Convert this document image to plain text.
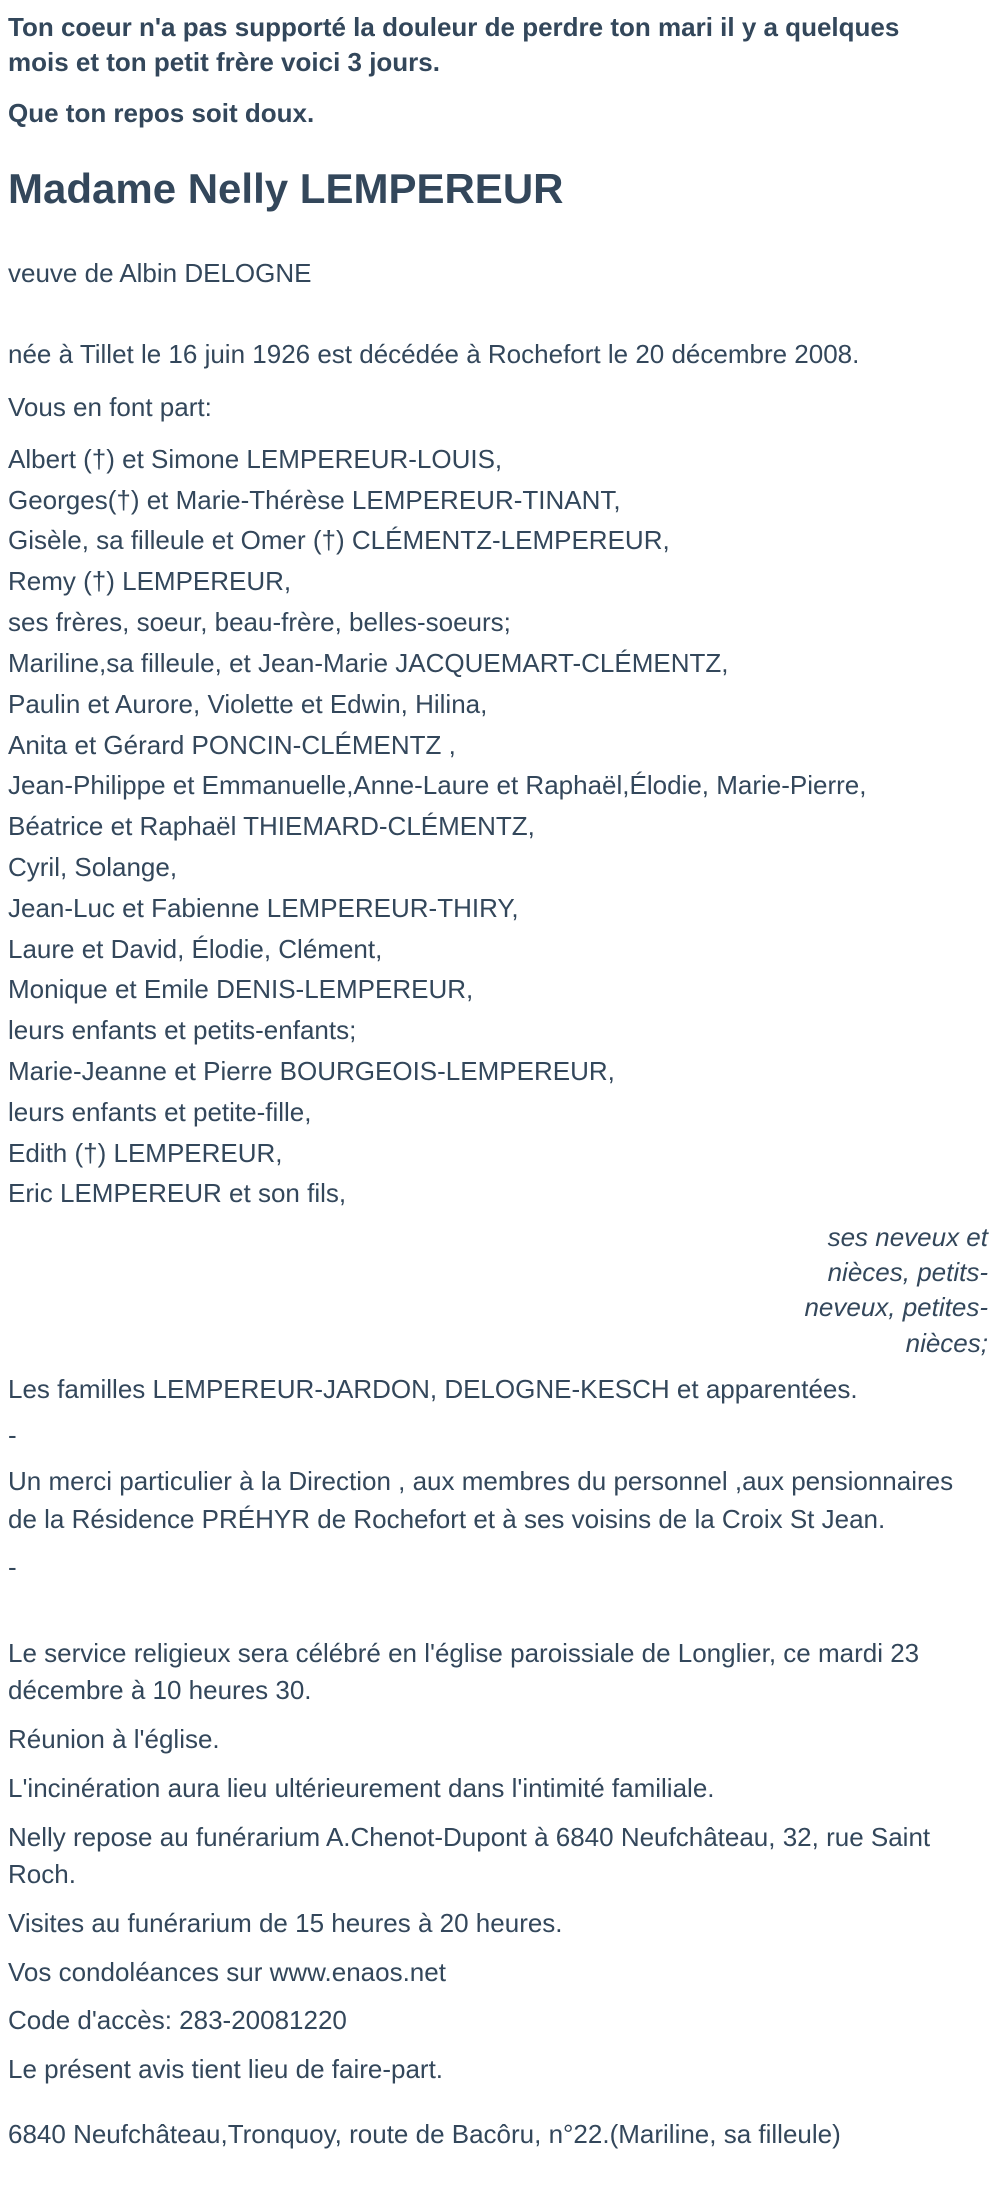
Ton coeur n'a pas supporté la douleur de perdre ton mari il y a quelques mois et ton petit frère voici 3 jours.

Que ton repos soit doux.

Madame Nelly LEMPEREUR

veuve de Albin DELOGNE

née à Tillet le 16 juin 1926 est décédée à Rochefort le 20 décembre 2008.

Vous en font part:

Albert (†) et Simone LEMPEREUR-LOUIS,

Georges(†) et Marie-Thérèse LEMPEREUR-TINANT,

Gisèle, sa filleule et Omer (†) CLÉMENTZ-LEMPEREUR,

Remy (†) LEMPEREUR,

ses frères, soeur, beau-frère, belles-soeurs;

Mariline,sa filleule, et Jean-Marie JACQUEMART-CLÉMENTZ,

Paulin et Aurore, Violette et Edwin, Hilina,

Anita et Gérard PONCIN-CLÉMENTZ ,

Jean-Philippe et Emmanuelle,Anne-Laure et Raphaël,Élodie, Marie-Pierre,

Béatrice et Raphaël THIEMARD-CLÉMENTZ,

Cyril, Solange,

Jean-Luc et Fabienne LEMPEREUR-THIRY,

Laure et David, Élodie, Clément,

Monique et Emile DENIS-LEMPEREUR,

leurs enfants et petits-enfants;

Marie-Jeanne et Pierre BOURGEOIS-LEMPEREUR,

leurs enfants et petite-fille,

Edith (†) LEMPEREUR,

Eric LEMPEREUR et son fils,

ses neveux et nièces, petits-neveux, petites-nièces;

Les familles LEMPEREUR-JARDON, DELOGNE-KESCH et apparentées.

-

Un merci particulier à la Direction , aux membres du personnel ,aux pensionnaires de la Résidence PRÉHYR de Rochefort et à ses voisins de la Croix St Jean.

-

Le service religieux sera célébré en l'église paroissiale de Longlier, ce mardi 23 décembre à 10 heures 30.

Réunion à l'église.

L'incinération aura lieu ultérieurement dans l'intimité familiale.

Nelly repose au funérarium A.Chenot-Dupont à 6840 Neufchâteau, 32, rue Saint Roch.

Visites au funérarium de 15 heures à 20 heures.

Vos condoléances sur www.enaos.net

Code d'accès: 283-20081220

Le présent avis tient lieu de faire-part.

6840 Neufchâteau,Tronquoy, route de Bacôru, n°22.(Mariline, sa filleule)
